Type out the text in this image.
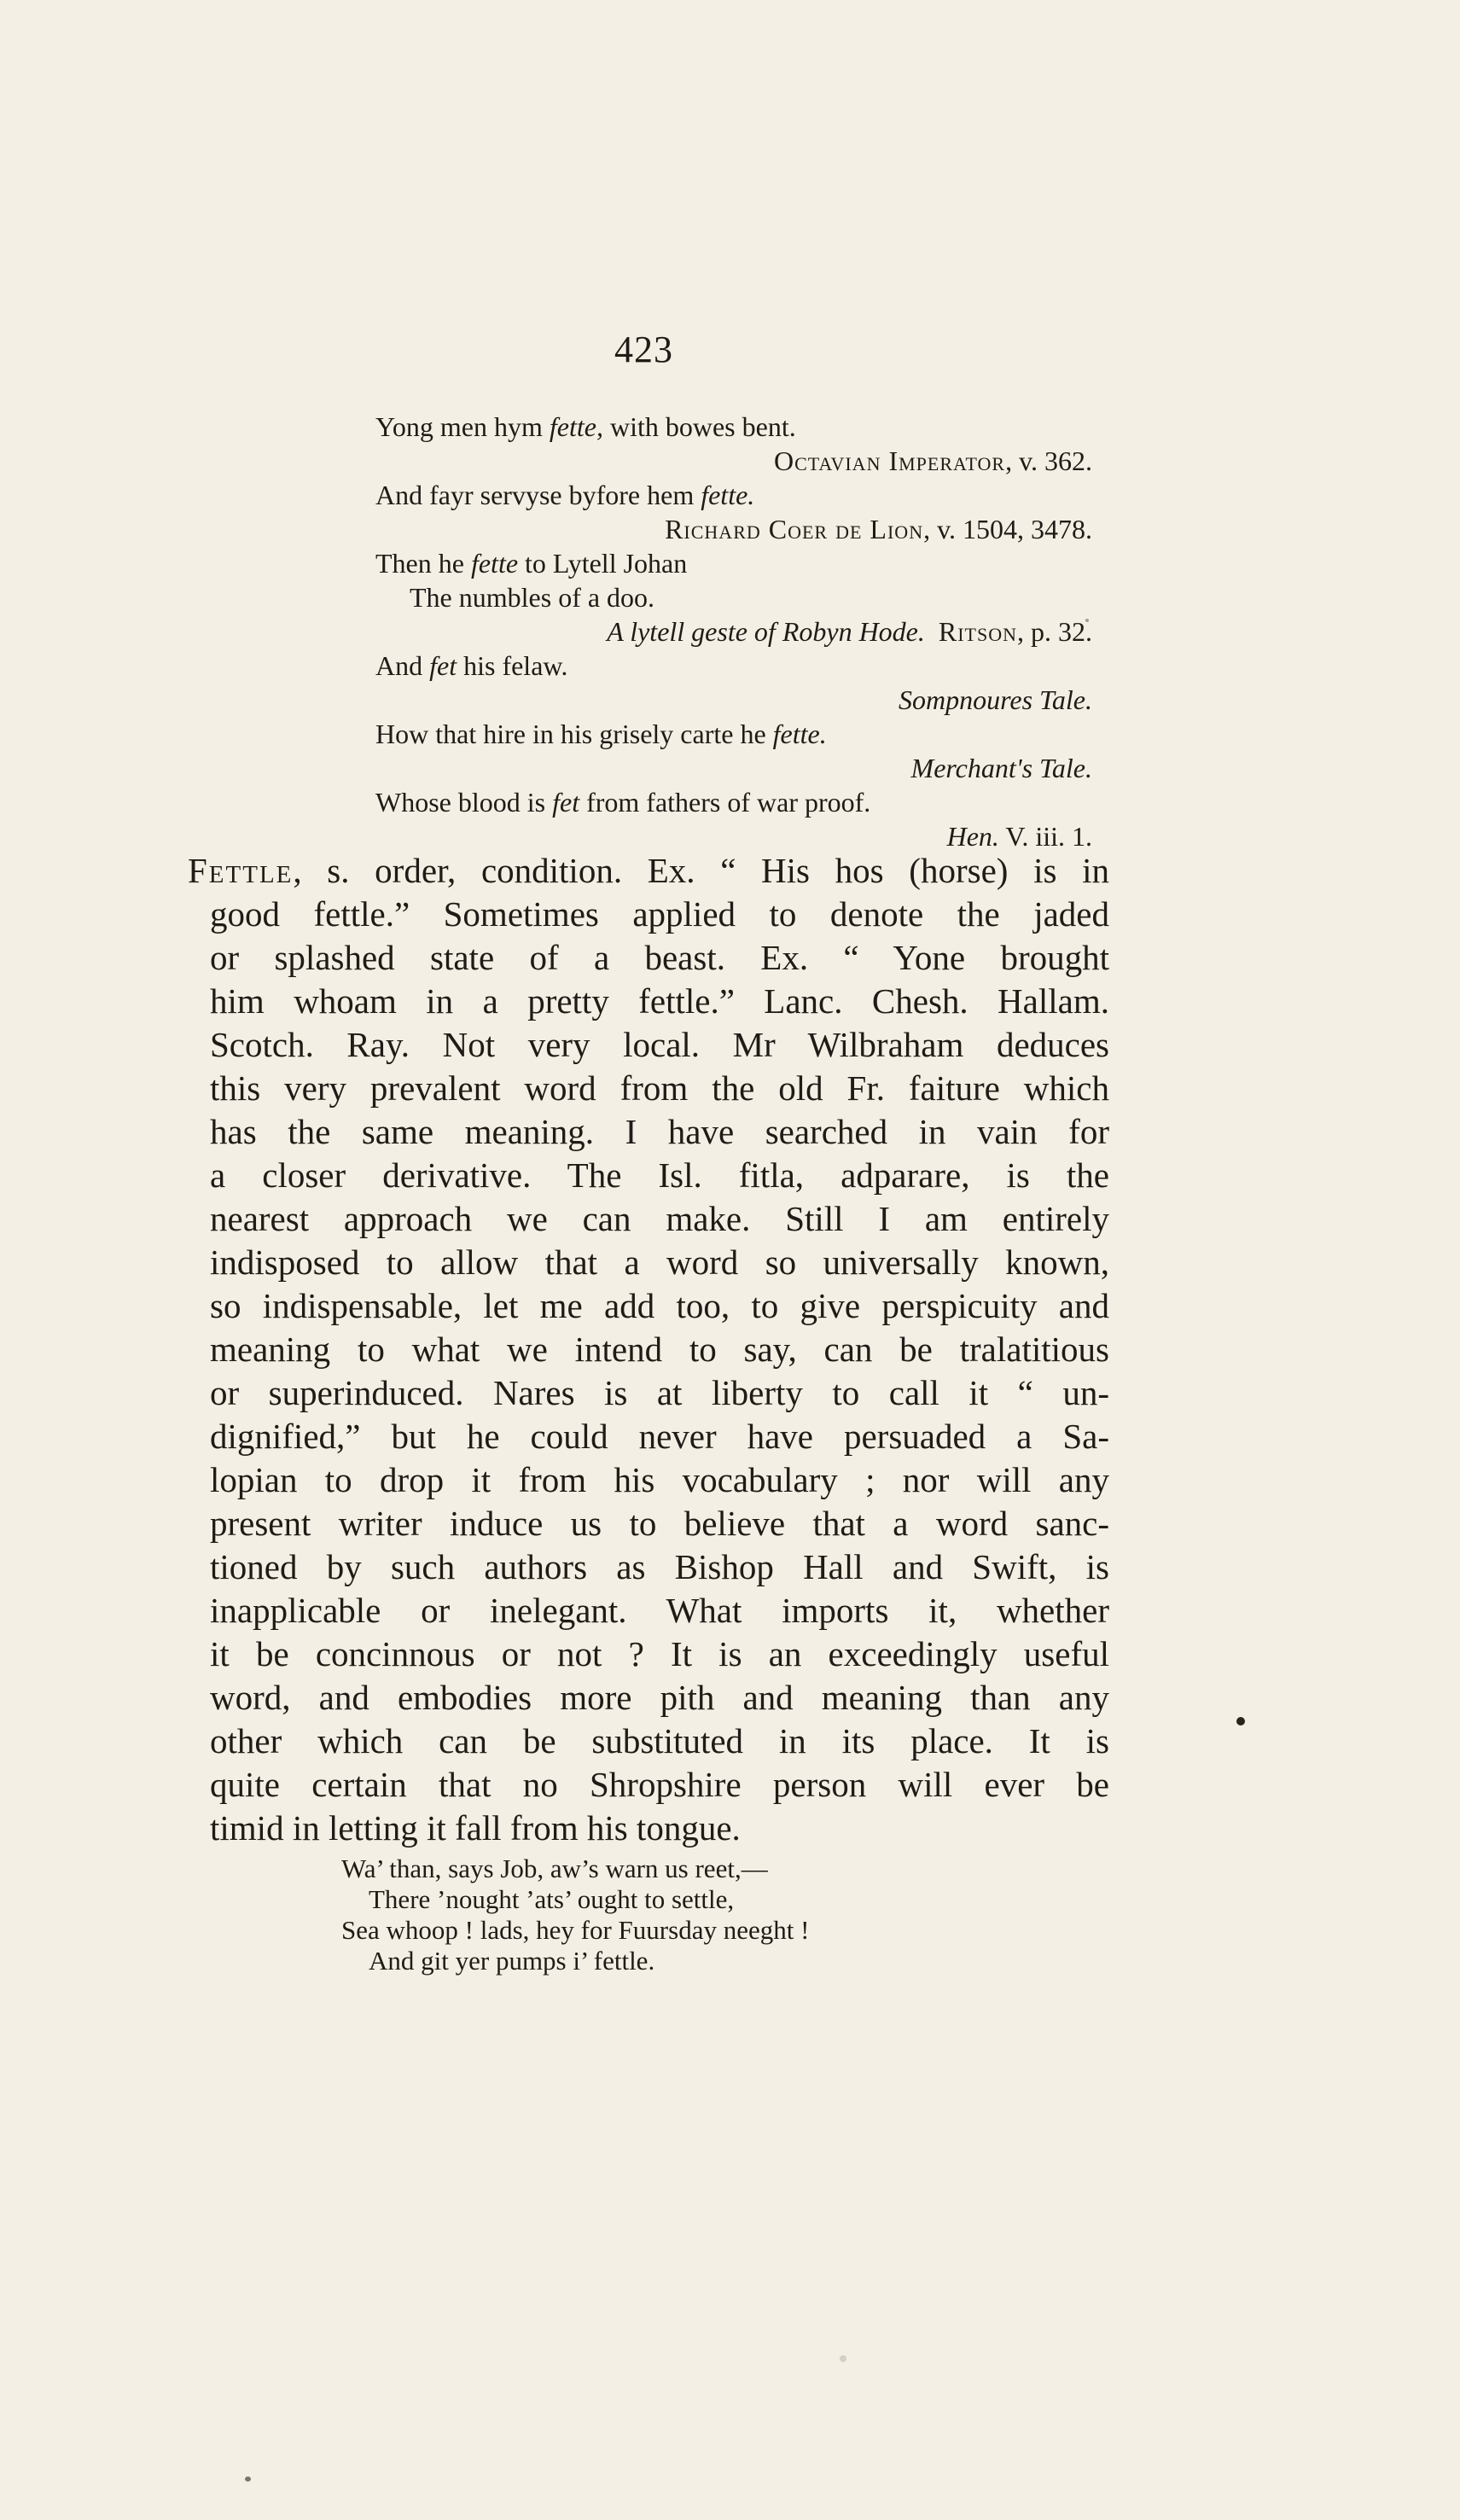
423
Yong men hym fette, with bowes bent.
Octavian Imperator, v. 362.
And fayr servyse byfore hem fette.
Richard Coer de Lion, v. 1504, 3478.
Then he fette to Lytell Johan
The numbles of a doo.
A lytell geste of Robyn Hode. Ritson, p. 32.
And fet his felaw.
Sompnoures Tale.
How that hire in his grisely carte he fette.
Merchant's Tale.
Whose blood is fet from fathers of war proof.
Hen. V. iii. 1.
Fettle, s. order, condition. Ex. “ His hos (horse) is in
good fettle.” Sometimes applied to denote the jaded
or splashed state of a beast. Ex. “ Yone brought
him whoam in a pretty fettle.” Lanc. Chesh. Hallam.
Scotch. Ray. Not very local. Mr Wilbraham deduces
this very prevalent word from the old Fr. faiture which
has the same meaning. I have searched in vain for
a closer derivative. The Isl. fitla, adparare, is the
nearest approach we can make. Still I am entirely
indisposed to allow that a word so universally known,
so indispensable, let me add too, to give perspicuity and
meaning to what we intend to say, can be tralatitious
or superinduced. Nares is at liberty to call it “ un-
dignified,” but he could never have persuaded a Sa-
lopian to drop it from his vocabulary ; nor will any
present writer induce us to believe that a word sanc-
tioned by such authors as Bishop Hall and Swift, is
inapplicable or inelegant. What imports it, whether
it be concinnous or not ? It is an exceedingly useful
word, and embodies more pith and meaning than any
other which can be substituted in its place. It is
quite certain that no Shropshire person will ever be
timid in letting it fall from his tongue.
Wa’ than, says Job, aw’s warn us reet,—
There ’nought ’ats’ ought to settle,
Sea whoop ! lads, hey for Fuursday neeght !
And git yer pumps i’ fettle.
